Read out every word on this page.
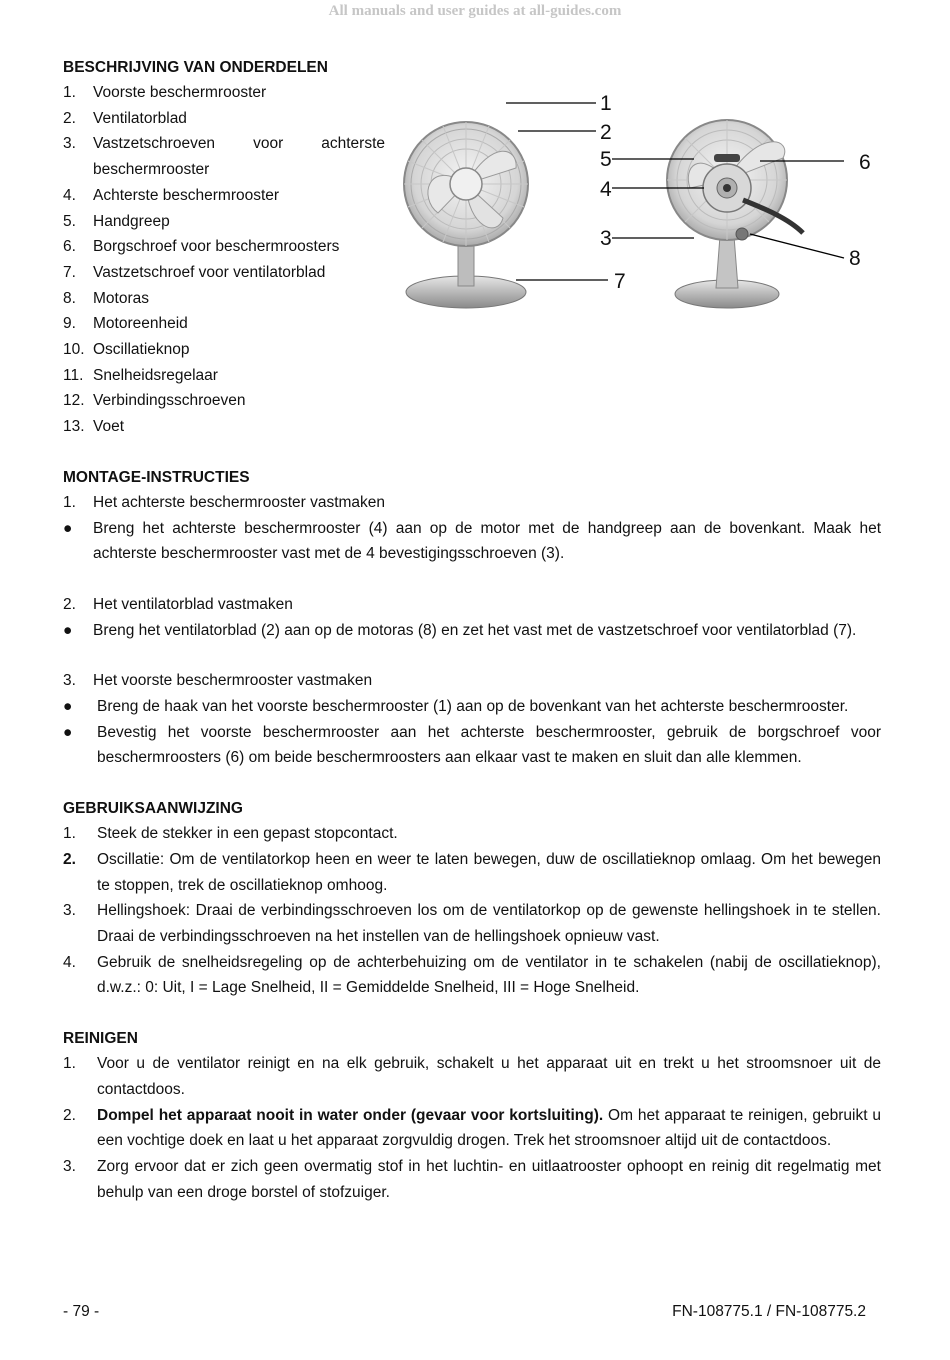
All manuals and user guides at all-guides.com
BESCHRIJVING VAN ONDERDELEN
1.	Voorste beschermrooster
2.	Ventilatorblad
3.	Vastzetschroeven voor achterste beschermrooster
4.	Achterste beschermrooster
5.	Handgreep
6.	Borgschroef voor beschermroosters
7.	Vastzetschroef voor ventilatorblad
8.	Motoras
9.	Motoreenheid
10. Oscillatieknop
11. Snelheidsregelaar
12. Verbindingsschroeven
13. Voet
MONTAGE-INSTRUCTIES
1.	Het achterste beschermrooster vastmaken
●	Breng het achterste beschermrooster (4) aan op de motor met de handgreep aan de bovenkant. Maak het achterste beschermrooster vast met de 4 bevestigingsschroeven (3).
2.	Het ventilatorblad vastmaken
●	Breng het ventilatorblad (2) aan op de motoras (8) en zet het vast met de vastzetschroef voor ventilatorblad (7).
3.	Het voorste beschermrooster vastmaken
●	Breng de haak van het voorste beschermrooster (1) aan op de bovenkant van het achterste beschermrooster.
●	Bevestig het voorste beschermrooster aan het achterste beschermrooster, gebruik de borgschroef voor beschermroosters (6) om beide beschermroosters aan elkaar vast te maken en sluit dan alle klemmen.
GEBRUIKSAANWIJZING
1.	Steek de stekker in een gepast stopcontact.
2.	Oscillatie: Om de ventilatorkop heen en weer te laten bewegen, duw de oscillatieknop omlaag. Om het bewegen te stoppen, trek de oscillatieknop omhoog.
3.	Hellingshoek: Draai de verbindingsschroeven los om de ventilatorkop op de gewenste hellingshoek in te stellen. Draai de verbindingsschroeven na het instellen van de hellingshoek opnieuw vast.
4.	Gebruik de snelheidsregeling op de achterbehuizing om de ventilator in te schakelen (nabij de oscillatieknop), d.w.z.: 0: Uit, I = Lage Snelheid, II = Gemiddelde Snelheid, III = Hoge Snelheid.
REINIGEN
1.	Voor u de ventilator reinigt en na elk gebruik, schakelt u het apparaat uit en trekt u het stroomsnoer uit de contactdoos.
2.	Dompel het apparaat nooit in water onder (gevaar voor kortsluiting). Om het apparaat te reinigen, gebruikt u een vochtige doek en laat u het apparaat zorgvuldig drogen. Trek het stroomsnoer altijd uit de contactdoos.
3.	Zorg ervoor dat er zich geen overmatig stof in het luchtin- en uitlaatrooster ophoopt en reinig dit regelmatig met behulp van een droge borstel of stofzuiger.
1
2
5
4
3
7
6
8
- 79 -	FN-108775.1 / FN-108775.2
